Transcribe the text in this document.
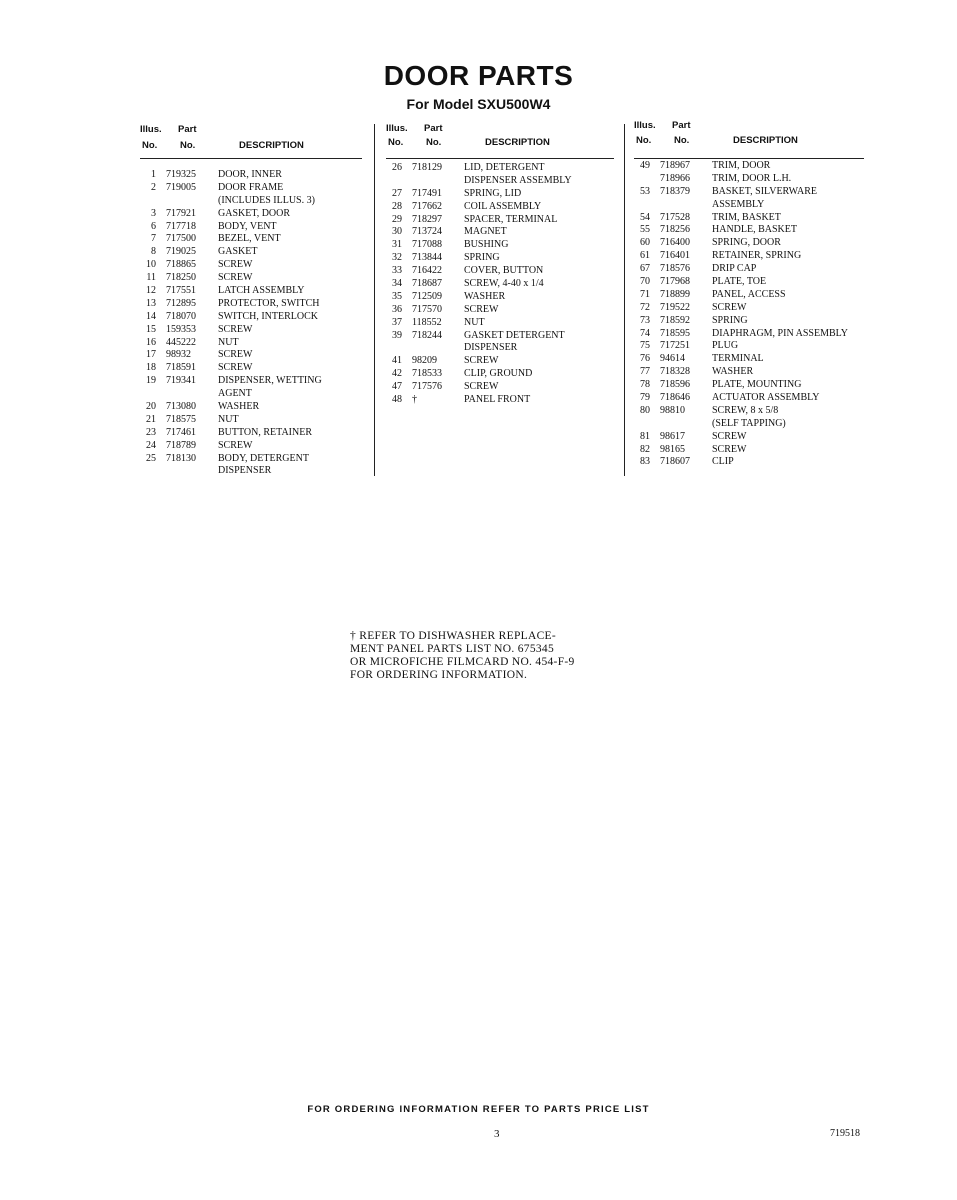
DOOR PARTS
For Model SXU500W4
Illus. Part
No. No.	DESCRIPTION
1 719325	DOOR, INNER
2 719005	DOOR FRAME
(INCLUDES ILLUS. 3)
3 717921	GASKET, DOOR
6 717718	BODY, VENT
7 717500	BEZEL, VENT
8 719025	GASKET
10 718865	SCREW
11 718250	SCREW
12 717551	LATCH ASSEMBLY
13 712895	PROTECTOR, SWITCH
14 718070	SWITCH, INTERLOCK
15 159353	SCREW
16 445222	NUT
17 98932	SCREW
18 718591	SCREW
19 719341	DISPENSER, WETTING
AGENT
20 713080	WASHER
21 718575	NUT
23 717461	BUTTON, RETAINER
24 718789	SCREW
25 718130	BODY, DETERGENT
DISPENSER
Illus. Part
No. No.	DESCRIPTION
26 718129	LID, DETERGENT
DISPENSER ASSEMBLY
27 717491	SPRING, LID
28 717662	COIL ASSEMBLY
29 718297	SPACER, TERMINAL
30 713724	MAGNET
31 717088	BUSHING
32 713844	SPRING
33 716422	COVER, BUTTON
34 718687	SCREW, 4-40 x 1/4
35 712509	WASHER
36 717570	SCREW
37 118552	NUT
39 718244	GASKET DETERGENT
DISPENSER
41 98209	SCREW
42 718533	CLIP, GROUND
47 717576	SCREW
48 †	PANEL FRONT
Illus. Part
No. No.	DESCRIPTION
49 718967	TRIM, DOOR
718966	TRIM, DOOR L.H.
53 718379	BASKET, SILVERWARE
ASSEMBLY
54 717528	TRIM, BASKET
55 718256	HANDLE, BASKET
60 716400	SPRING, DOOR
61 716401	RETAINER, SPRING
67 718576	DRIP CAP
70 717968	PLATE, TOE
71 718899	PANEL, ACCESS
72 719522	SCREW
73 718592	SPRING
74 718595	DIAPHRAGM, PIN ASSEMBLY
75 717251	PLUG
76 94614	TERMINAL
77 718328	WASHER
78 718596	PLATE, MOUNTING
79 718646	ACTUATOR ASSEMBLY
80 98810	SCREW, 8 x 5/8
(SELF TAPPING)
81 98617	SCREW
82 98165	SCREW
83 718607	CLIP
† REFER TO DISHWASHER REPLACE-
MENT PANEL PARTS LIST NO. 675345
OR MICROFICHE FILMCARD NO. 454-F-9
FOR ORDERING INFORMATION.
FOR ORDERING INFORMATION REFER TO PARTS PRICE LIST
3	719518
